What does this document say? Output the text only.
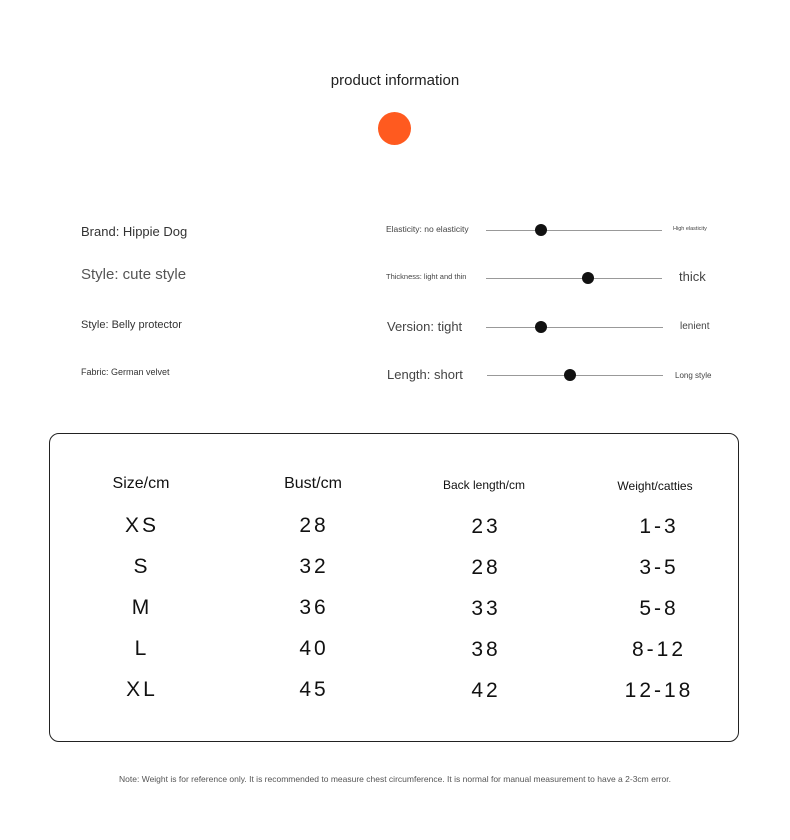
product information
Brand: Hippie Dog
Style: cute style
Style: Belly protector
Fabric: German velvet
Elasticity: no elasticity	High elasticity
Thickness: light and thin	thick
Version: tight	lenient
Length: short	Long style
Size/cm	Bust/cm	Back length/cm	Weight/catties
XS	28	23	1-3
S	32	28	3-5
M	36	33	5-8
L	40	38	8-12
XL	45	42	12-18
Note: Weight is for reference only. It is recommended to measure chest circumference. It is normal for manual measurement to have a 2-3cm error.
